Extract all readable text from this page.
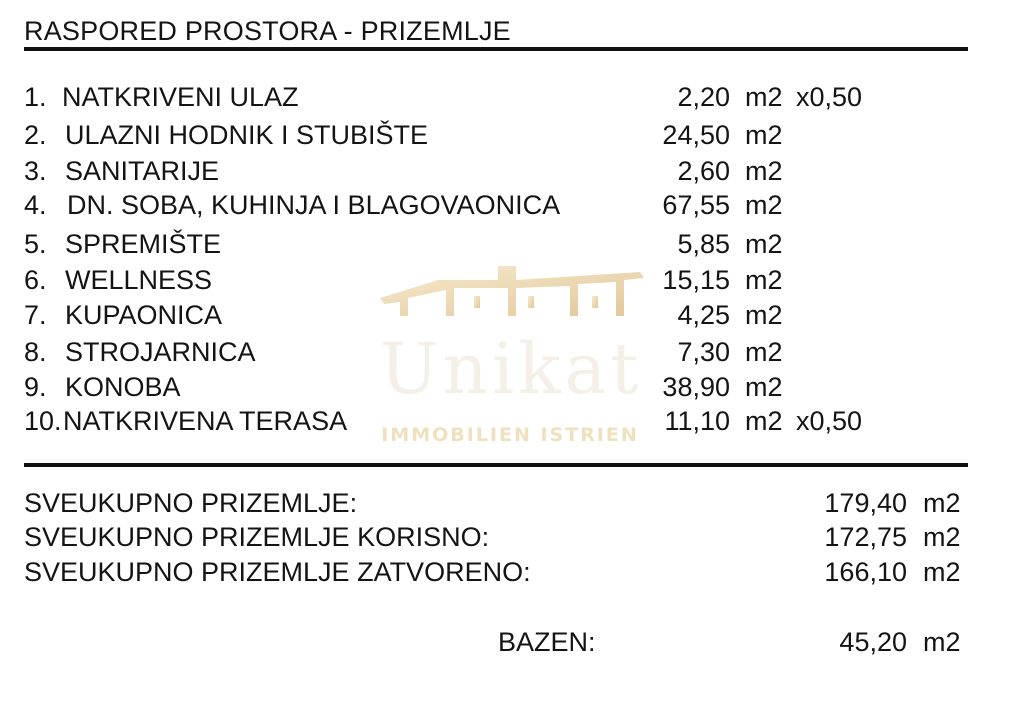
Unikat
IMMOBILIEN ISTRIEN
RASPORED PROSTORA - PRIZEMLJE
1. NATKRIVENI ULAZ	2,20 m2 x0,50
2. ULAZNI HODNIK I STUBIŠTE	24,50 m2
3. SANITARIJE	2,60 m2
4. DN. SOBA, KUHINJA I BLAGOVAONICA	67,55 m2
5. SPREMIŠTE	5,85 m2
6. WELLNESS	15,15 m2
7. KUPAONICA	4,25 m2
8. STROJARNICA	7,30 m2
9. KONOBA	38,90 m2
10. NATKRIVENA TERASA	11,10 m2 x0,50
SVEUKUPNO PRIZEMLJE:	179,40 m2
SVEUKUPNO PRIZEMLJE KORISNO:	172,75 m2
SVEUKUPNO PRIZEMLJE ZATVORENO:	166,10 m2
BAZEN:	45,20 m2
